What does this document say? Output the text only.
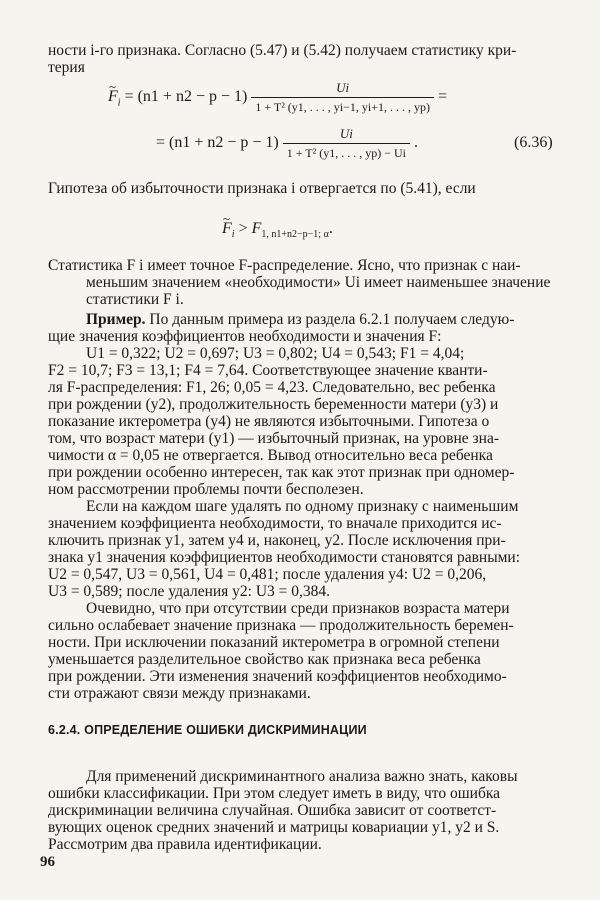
ности i-го признака. Согласно (5.47) и (5.42) получаем статистику кри-

терия

~ $F_i = (n1 + n2 - p - 1) \frac{Ui}{\text{1 + T² (y1, . . . , yi−1, yi+1, . . . , yp)}}$ =
= $(n1 + n2 - p - 1) \frac{Ui}{\text{1 + T² (y1, . . . , yp) − Ui}}$ .	(6.36)

Гипотеза об избыточности признака i отвергается по (5.41), если

~ $F_i > F_{1, n1+n2-p-1; \alpha}$.

Статистика F i имеет точное F-распределение. Ясно, что признак с наи-

меньшим значением «необходимости» Ui имеет наименьшее значение

статистики F i.

Пример. По данным примера из раздела 6.2.1 получаем следую-

щие значения коэффициентов необходимости и значения F:

U1 = 0,322; U2 = 0,697; U3 = 0,802; U4 = 0,543; F1 = 4,04;

F2 = 10,7; F3 = 13,1; F4 = 7,64. Соответствующее значение кванти-

ля F-распределения: F1, 26; 0,05 = 4,23. Следовательно, вес ребенка

при рождении (y2), продолжительность беременности матери (y3) и

показание иктерометра (y4) не являются избыточными. Гипотеза о

том, что возраст матери (y1) — избыточный признак, на уровне зна-

чимости α = 0,05 не отвергается. Вывод относительно веса ребенка

при рождении особенно интересен, так как этот признак при одномер-

ном рассмотрении проблемы почти бесполезен.

Если на каждом шаге удалять по одному признаку с наименьшим

значением коэффициента необходимости, то вначале приходится ис-

ключить признак y1, затем y4 и, наконец, y2. После исключения при-

знака y1 значения коэффициентов необходимости становятся равными:

U2 = 0,547, U3 = 0,561, U4 = 0,481; после удаления y4: U2 = 0,206,

U3 = 0,589; после удаления y2: U3 = 0,384.

Очевидно, что при отсутствии среди признаков возраста матери

сильно ослабевает значение признака — продолжительность беремен-

ности. При исключении показаний иктерометра в огромной степени

уменьшается разделительное свойство как признака веса ребенка

при рождении. Эти изменения значений коэффициентов необходимо-

сти отражают связи между признаками.

6.2.4. ОПРЕДЕЛЕНИЕ ОШИБКИ ДИСКРИМИНАЦИИ

Для применений дискриминантного анализа важно знать, каковы

ошибки классификации. При этом следует иметь в виду, что ошибка

дискриминации величина случайная. Ошибка зависит от соответст-

вующих оценок средних значений и матрицы ковариации y1, y2 и S.

Рассмотрим два правила идентификации.

96
